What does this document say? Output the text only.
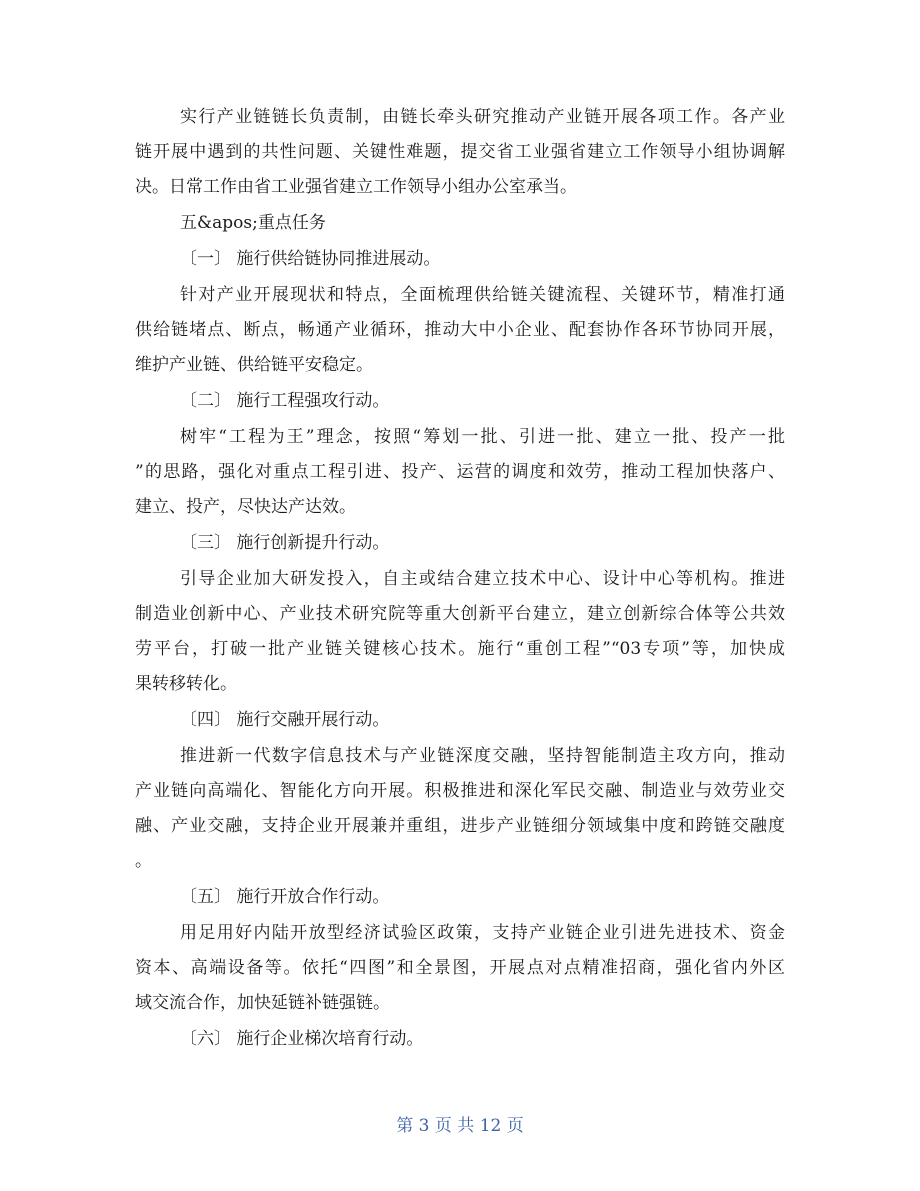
实行产业链链长负责制，由链长牵头研究推动产业链开展各项工作。各产业
链开展中遇到的共性问题、关键性难题，提交省工业强省建立工作领导小组协调解
决。日常工作由省工业强省建立工作领导小组办公室承当。
五&apos;重点任务
〔一〕 施行供给链协同推进展动。
针对产业开展现状和特点，全面梳理供给链关键流程、关键环节，精准打通
供给链堵点、断点，畅通产业循环，推动大中小企业、配套协作各环节协同开展，
维护产业链、供给链平安稳定。
〔二〕 施行工程强攻行动。
树牢“工程为王”理念，按照“筹划一批、引进一批、建立一批、投产一批
”的思路，强化对重点工程引进、投产、运营的调度和效劳，推动工程加快落户、
建立、投产，尽快达产达效。
〔三〕 施行创新提升行动。
引导企业加大研发投入，自主或结合建立技术中心、设计中心等机构。推进
制造业创新中心、产业技术研究院等重大创新平台建立，建立创新综合体等公共效
劳平台，打破一批产业链关键核心技术。施行“重创工程”“03专项”等，加快成
果转移转化。
〔四〕 施行交融开展行动。
推进新一代数字信息技术与产业链深度交融，坚持智能制造主攻方向，推动
产业链向高端化、智能化方向开展。积极推进和深化军民交融、制造业与效劳业交
融、产业交融，支持企业开展兼并重组，进步产业链细分领域集中度和跨链交融度
。
〔五〕 施行开放合作行动。
用足用好内陆开放型经济试验区政策，支持产业链企业引进先进技术、资金
资本、高端设备等。依托“四图”和全景图，开展点对点精准招商，强化省内外区
域交流合作，加快延链补链强链。
〔六〕 施行企业梯次培育行动。
第 3 页 共 12 页
